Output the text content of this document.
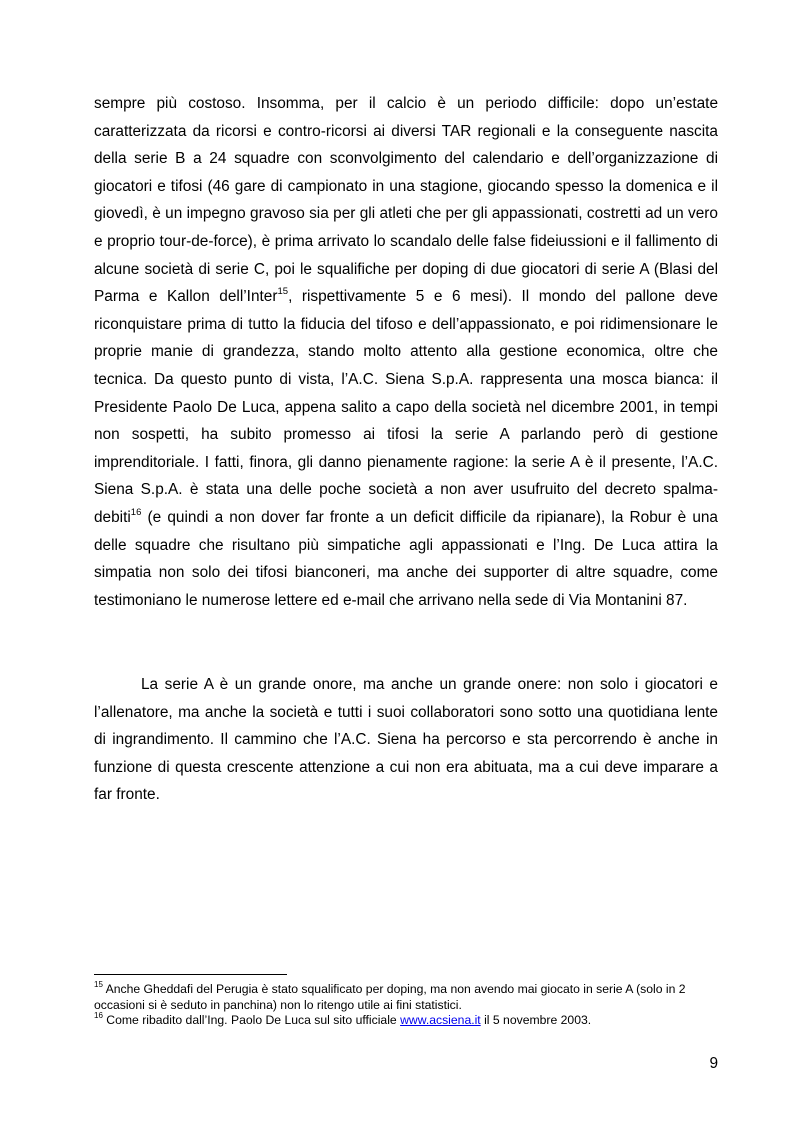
sempre più costoso. Insomma, per il calcio è un periodo difficile: dopo un’estate caratterizzata da ricorsi e contro-ricorsi ai diversi TAR regionali e la conseguente nascita della serie B a 24 squadre con sconvolgimento del calendario e dell’organizzazione di giocatori e tifosi (46 gare di campionato in una stagione, giocando spesso la domenica e il giovedì, è un impegno gravoso sia per gli atleti che per gli appassionati, costretti ad un vero e proprio tour-de-force), è prima arrivato lo scandalo delle false fideiussioni e il fallimento di alcune società di serie C, poi le squalifiche per doping di due giocatori di serie A (Blasi del Parma e Kallon dell’Inter$^{15}$, rispettivamente 5 e 6 mesi). Il mondo del pallone deve riconquistare prima di tutto la fiducia del tifoso e dell’appassionato, e poi ridimensionare le proprie manie di grandezza, stando molto attento alla gestione economica, oltre che tecnica. Da questo punto di vista, l’A.C. Siena S.p.A. rappresenta una mosca bianca: il Presidente Paolo De Luca, appena salito a capo della società nel dicembre 2001, in tempi non sospetti, ha subito promesso ai tifosi la serie A parlando però di gestione imprenditoriale. I fatti, finora, gli danno pienamente ragione: la serie A è il presente, l’A.C. Siena S.p.A. è stata una delle poche società a non aver usufruito del decreto spalma-debiti$^{16}$ (e quindi a non dover far fronte a un deficit difficile da ripianare), la Robur è una delle squadre che risultano più simpatiche agli appassionati e l’Ing. De Luca attira la simpatia non solo dei tifosi bianconeri, ma anche dei supporter di altre squadre, come testimoniano le numerose lettere ed e-mail che arrivano nella sede di Via Montanini 87.

La serie A è un grande onore, ma anche un grande onere: non solo i giocatori e l’allenatore, ma anche la società e tutti i suoi collaboratori sono sotto una quotidiana lente di ingrandimento. Il cammino che l’A.C. Siena ha percorso e sta percorrendo è anche in funzione di questa crescente attenzione a cui non era abituata, ma a cui deve imparare a far fronte.

$^{15}$ Anche Gheddafi del Perugia è stato squalificato per doping, ma non avendo mai giocato in serie A (solo in 2 occasioni si è seduto in panchina) non lo ritengo utile ai fini statistici.

$^{16}$ Come ribadito dall’Ing. Paolo De Luca sul sito ufficiale www.acsiena.it il 5 novembre 2003.

9
